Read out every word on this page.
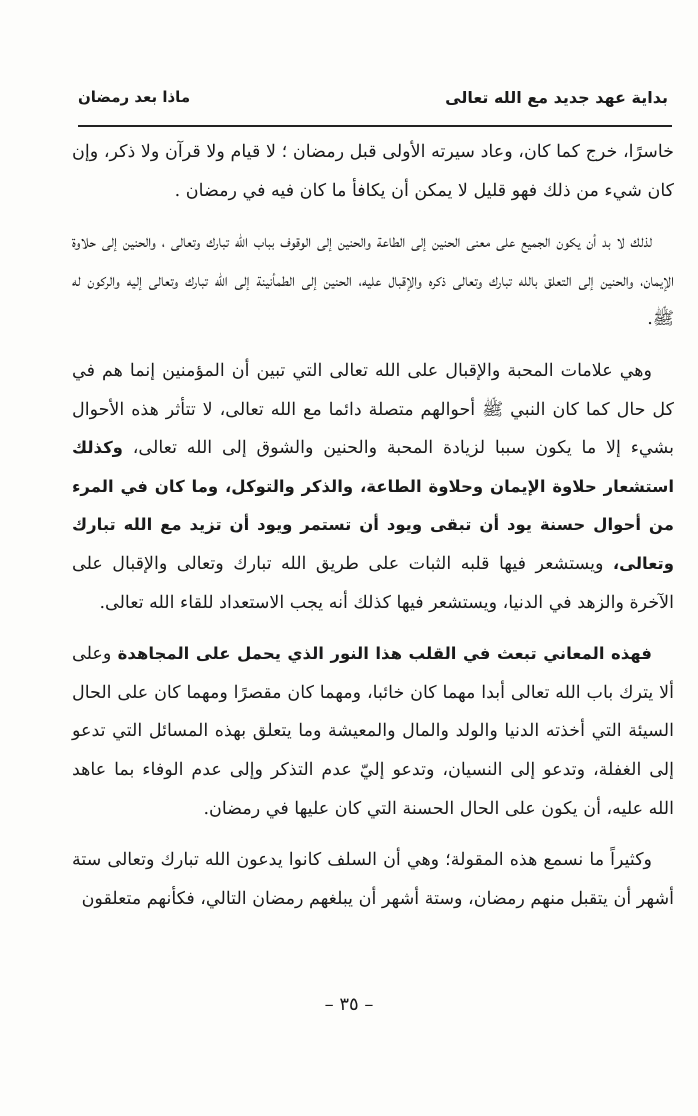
بداية عهد جديد مع الله تعالى
ماذا بعد رمضان

خاسرًا، خرج كما كان، وعاد سيرته الأولى قبل رمضان ؛ لا قيام ولا قرآن ولا ذكر، وإن كان شيء من ذلك فهو قليل لا يمكن أن يكافأ ما كان فيه في رمضان .

لذلك لا بد أن يكون الجميع على معنى الحنين إلى الطاعة والحنين إلى الوقوف بباب الله تبارك وتعالى ، والحنين إلى حلاوة الإيمان، والحنين إلى التعلق بالله تبارك وتعالى ذكره والإقبال عليه، الحنين إلى الطمأنينة إلى الله تبارك وتعالى إليه والركون له ﷺ.

وهي علامات المحبة والإقبال على الله تعالى التي تبين أن المؤمنين إنما هم في كل حال كما كان النبي ﷺ أحوالهم متصلة دائما مع الله تعالى، لا تتأثر هذه الأحوال بشيء إلا ما يكون سببا لزيادة المحبة والحنين والشوق إلى الله تعالى، وكذلك استشعار حلاوة الإيمان وحلاوة الطاعة، والذكر والتوكل، وما كان في المرء من أحوال حسنة يود أن تبقى ويود أن تستمر ويود أن تزيد مع الله تبارك وتعالى، ويستشعر فيها قلبه الثبات على طريق الله تبارك وتعالى والإقبال على الآخرة والزهد في الدنيا، ويستشعر فيها كذلك أنه يجب الاستعداد للقاء الله تعالى.

فهذه المعاني تبعث في القلب هذا النور الذي يحمل على المجاهدة وعلى ألا يترك باب الله تعالى أبدا مهما كان خائبا، ومهما كان مقصرًا ومهما كان على الحال السيئة التي أخذته الدنيا والولد والمال والمعيشة وما يتعلق بهذه المسائل التي تدعو إلى الغفلة، وتدعو إلى النسيان، وتدعو إليّ عدم التذكر وإلى عدم الوفاء بما عاهد الله عليه، أن يكون على الحال الحسنة التي كان عليها في رمضان.

وكثيراً ما نسمع هذه المقولة؛ وهي أن السلف كانوا يدعون الله تبارك وتعالى ستة أشهر أن يتقبل منهم رمضان، وستة أشهر أن يبلغهم رمضان التالي، فكأنهم متعلقون

– ٣٥ –
